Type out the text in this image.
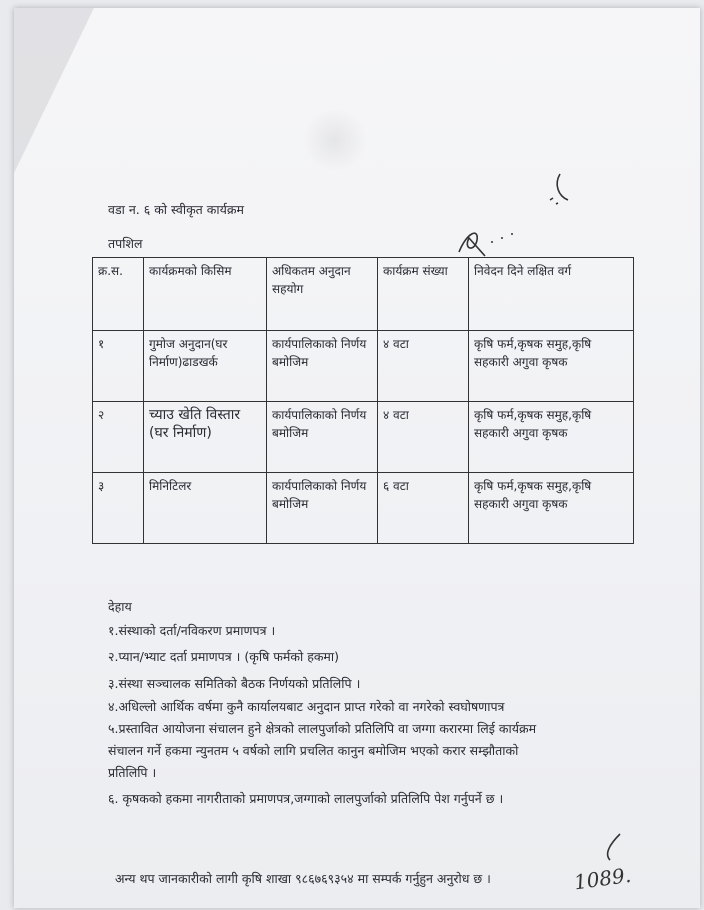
वडा न. ६ को स्वीकृत कार्यक्रम
तपशिल
क्र.स.	कार्यक्रमको किसिम	अधिकतम अनुदान सहयोग	कार्यक्रम संख्या	निवेदन दिने लक्षित वर्ग
१	गुमोज अनुदान(घर निर्माण)ढाडखर्क	कार्यपालिकाको निर्णय बमोजिम	४ वटा	कृषि फर्म,कृषक समुह,कृषि सहकारी अगुवा कृषक
२	च्याउ खेति विस्तार (घर निर्माण)	कार्यपालिकाको निर्णय बमोजिम	४ वटा	कृषि फर्म,कृषक समुह,कृषि सहकारी अगुवा कृषक
३	मिनिटिलर	कार्यपालिकाको निर्णय बमोजिम	६ वटा	कृषि फर्म,कृषक समुह,कृषि सहकारी अगुवा कृषक
देहाय
१.संस्थाको दर्ता/नविकरण प्रमाणपत्र ।
२.प्यान/भ्याट दर्ता प्रमाणपत्र । (कृषि फर्मको हकमा)
३.संस्था सञ्चालक समितिको बैठक निर्णयको प्रतिलिपि ।
४.अधिल्लो आर्थिक वर्षमा कुनै कार्यालयबाट अनुदान प्राप्त गरेको वा नगरेको स्वघोषणापत्र
५.प्रस्तावित आयोजना संचालन हुने क्षेत्रको लालपुर्जाको प्रतिलिपि वा जग्गा करारमा लिई कार्यक्रम
संचालन गर्ने हकमा न्युनतम ५ वर्षको लागि प्रचलित कानुन बमोजिम भएको करार सम्झौताको
प्रतिलिपि ।
६. कृषकको हकमा नागरीताको प्रमाणपत्र,जग्गाको लालपुर्जाको प्रतिलिपि पेश गर्नुपर्ने छ ।
अन्य थप जानकारीको लागी कृषि शाखा ९८६७६९३५४ मा सम्पर्क गर्नुहुन अनुरोध छ ।	1089.
